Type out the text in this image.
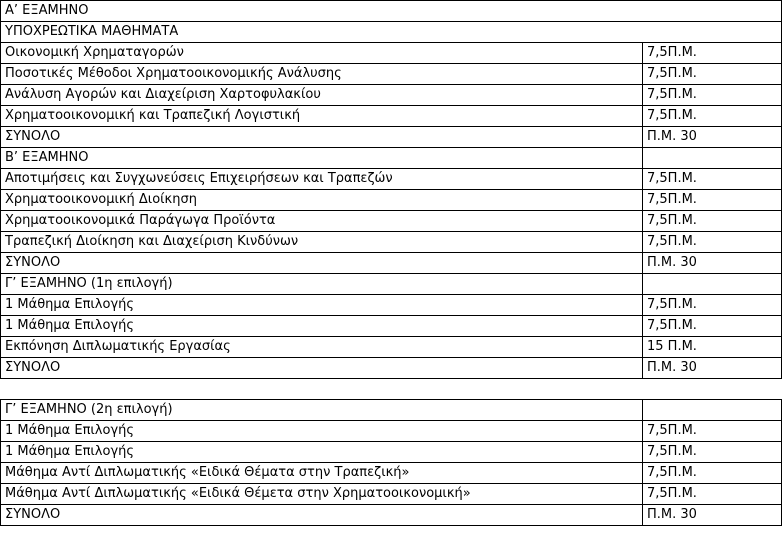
Α’ ΕΞΑΜΗΝΟ	
ΥΠΟΧΡΕΩΤΙΚΑ ΜΑΘΗΜΑΤΑ	
Οικονομική Χρηματαγορών	7,5Π.Μ.
Ποσοτικές Μέθοδοι Χρηματοοικονομικής Ανάλυσης	7,5Π.Μ.
Ανάλυση Αγορών και Διαχείριση Χαρτοφυλακίου	7,5Π.Μ.
Χρηματοοικονομική και Τραπεζική Λογιστική	7,5Π.Μ.
ΣΥΝΟΛΟ	Π.Μ. 30
Β’ ΕΞΑΜΗΝΟ	
Αποτιμήσεις και Συγχωνεύσεις Επιχειρήσεων και Τραπεζών	7,5Π.Μ.
Χρηματοοικονομική Διοίκηση	7,5Π.Μ.
Χρηματοοικονομικά Παράγωγα Προϊόντα	7,5Π.Μ.
Τραπεζική Διοίκηση και Διαχείριση Κινδύνων	7,5Π.Μ.
ΣΥΝΟΛΟ	Π.Μ. 30
Γ’ ΕΞΑΜΗΝΟ (1η επιλογή)	
1 Μάθημα Επιλογής	7,5Π.Μ.
1 Μάθημα Επιλογής	7,5Π.Μ.
Εκπόνηση Διπλωματικής Εργασίας	15 Π.Μ.
ΣΥΝΟΛΟ	Π.Μ. 30

Γ’ ΕΞΑΜΗΝΟ (2η επιλογή)	
1 Μάθημα Επιλογής	7,5Π.Μ.
1 Μάθημα Επιλογής	7,5Π.Μ.
Μάθημα Αντί Διπλωματικής «Ειδικά Θέματα στην Τραπεζική»	7,5Π.Μ.
Μάθημα Αντί Διπλωματικής «Ειδικά Θέμετα στην Χρηματοοικονομική»	7,5Π.Μ.
ΣΥΝΟΛΟ	Π.Μ. 30
